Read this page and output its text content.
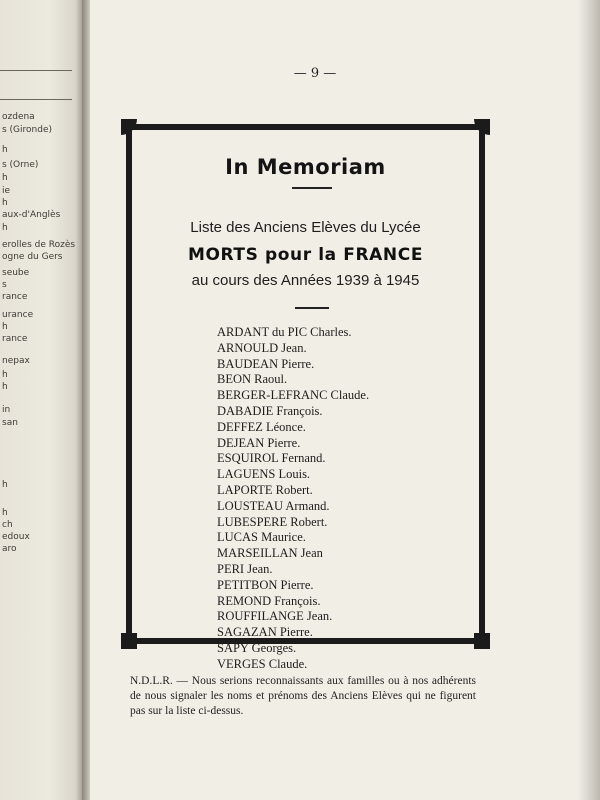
ozdena
s (Gironde)
h
s (Orne)
h
ie
h
aux-d'Anglès
h
erolles de Rozès
ogne du Gers
seube
s
rance
urance
h
rance
nepax
h
h
in
san
h
h
ch
edoux
aro
— 9 —
In Memoriam
Liste des Anciens Elèves du Lycée
MORTS pour la FRANCE
au cours des Années 1939 à 1945
ARDANT du PIC Charles.
ARNOULD Jean.
BAUDEAN Pierre.
BEON Raoul.
BERGER-LEFRANC Claude.
DABADIE François.
DEFFEZ Léonce.
DEJEAN Pierre.
ESQUIROL Fernand.
LAGUENS Louis.
LAPORTE Robert.
LOUSTEAU Armand.
LUBESPERE Robert.
LUCAS Maurice.
MARSEILLAN Jean
PERI Jean.
PETITBON Pierre.
REMOND François.
ROUFFILANGE Jean.
SAGAZAN Pierre.
SAPY Georges.
VERGES Claude.

N.D.L.R. — Nous serions reconnaissants aux familles ou à nos adhérents de nous signaler les noms et prénoms des Anciens Elèves qui ne figurent pas sur la liste ci-dessus.
